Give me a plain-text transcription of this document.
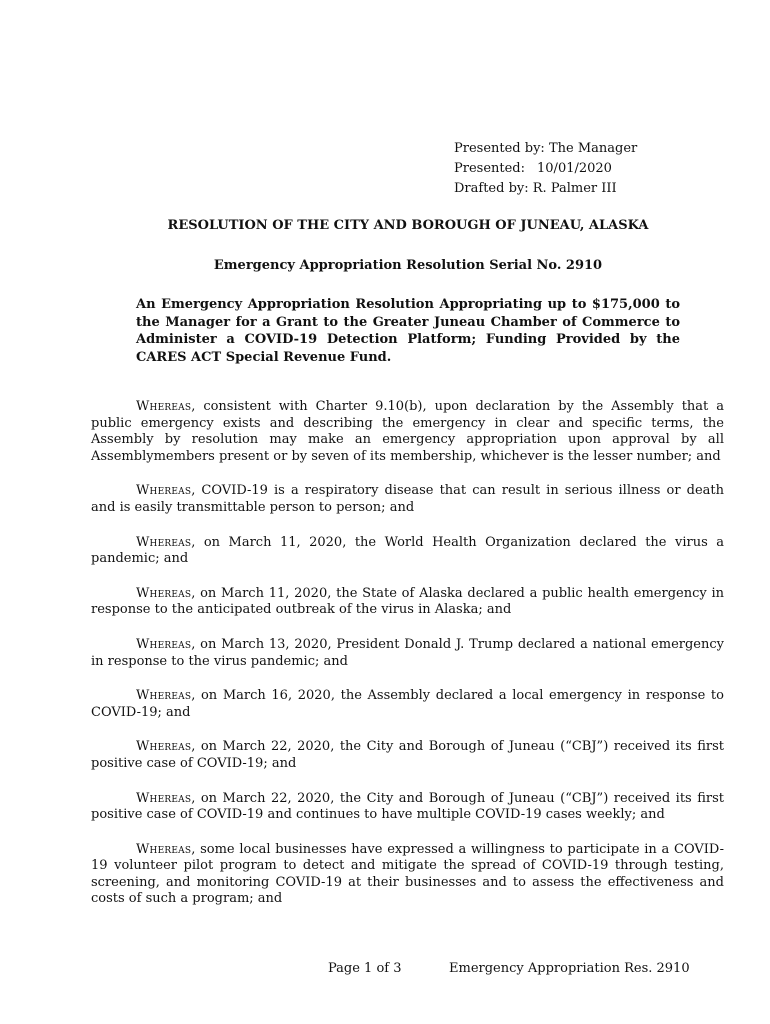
Presented by: The Manager
Presented: 10/01/2020
Drafted by: R. Palmer III
RESOLUTION OF THE CITY AND BOROUGH OF JUNEAU, ALASKA
Emergency Appropriation Resolution Serial No. 2910
An Emergency Appropriation Resolution Appropriating up to $175,000 to the Manager for a Grant to the Greater Juneau Chamber of Commerce to Administer a COVID-19 Detection Platform; Funding Provided by the CARES ACT Special Revenue Fund.

Whereas, consistent with Charter 9.10(b), upon declaration by the Assembly that a public emergency exists and describing the emergency in clear and specific terms, the Assembly by resolution may make an emergency appropriation upon approval by all Assemblymembers present or by seven of its membership, whichever is the lesser number; and

Whereas, COVID-19 is a respiratory disease that can result in serious illness or death and is easily transmittable person to person; and

Whereas, on March 11, 2020, the World Health Organization declared the virus a pandemic; and

Whereas, on March 11, 2020, the State of Alaska declared a public health emergency in response to the anticipated outbreak of the virus in Alaska; and

Whereas, on March 13, 2020, President Donald J. Trump declared a national emergency in response to the virus pandemic; and

Whereas, on March 16, 2020, the Assembly declared a local emergency in response to COVID-19; and

Whereas, on March 22, 2020, the City and Borough of Juneau (“CBJ”) received its first positive case of COVID-19; and

Whereas, on March 22, 2020, the City and Borough of Juneau (“CBJ”) received its first positive case of COVID-19 and continues to have multiple COVID-19 cases weekly; and

Whereas, some local businesses have expressed a willingness to participate in a COVID-19 volunteer pilot program to detect and mitigate the spread of COVID-19 through testing, screening, and monitoring COVID-19 at their businesses and to assess the effectiveness and costs of such a program; and

Page 1 of 3	Emergency Appropriation Res. 2910
